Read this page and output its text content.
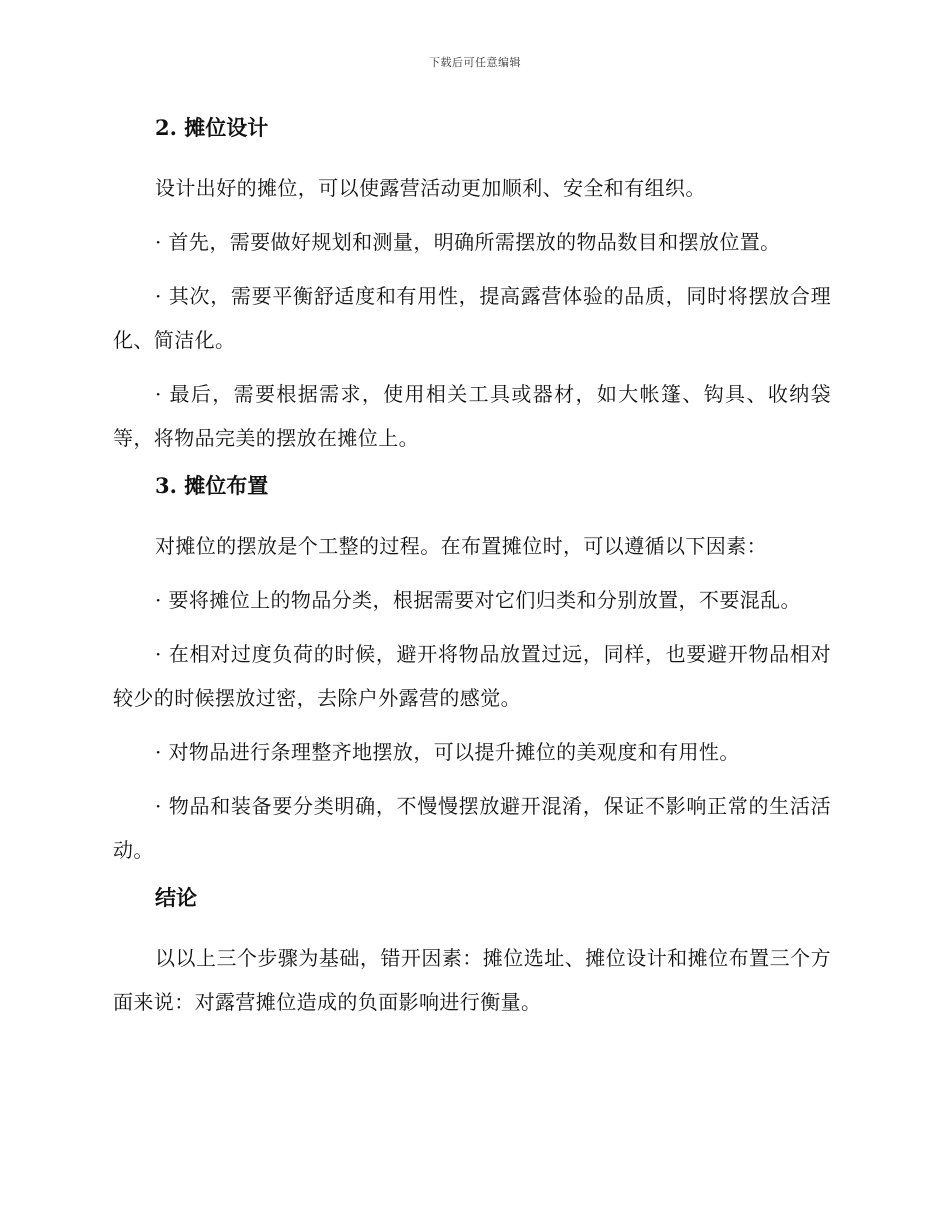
下载后可任意编辑
2. 摊位设计

设计出好的摊位，可以使露营活动更加顺利、安全和有组织。

· 首先，需要做好规划和测量，明确所需摆放的物品数目和摆放位置。

· 其次，需要平衡舒适度和有用性，提高露营体验的品质，同时将摆放合理化、简洁化。

· 最后，需要根据需求，使用相关工具或器材，如大帐篷、钩具、收纳袋等，将物品完美的摆放在摊位上。

3. 摊位布置

对摊位的摆放是个工整的过程。在布置摊位时，可以遵循以下因素：

· 要将摊位上的物品分类，根据需要对它们归类和分别放置，不要混乱。

· 在相对过度负荷的时候，避开将物品放置过远，同样，也要避开物品相对较少的时候摆放过密，去除户外露营的感觉。

· 对物品进行条理整齐地摆放，可以提升摊位的美观度和有用性。

· 物品和装备要分类明确，不慢慢摆放避开混淆，保证不影响正常的生活活动。

结论

以以上三个步骤为基础，错开因素：摊位选址、摊位设计和摊位布置三个方面来说：对露营摊位造成的负面影响进行衡量。
